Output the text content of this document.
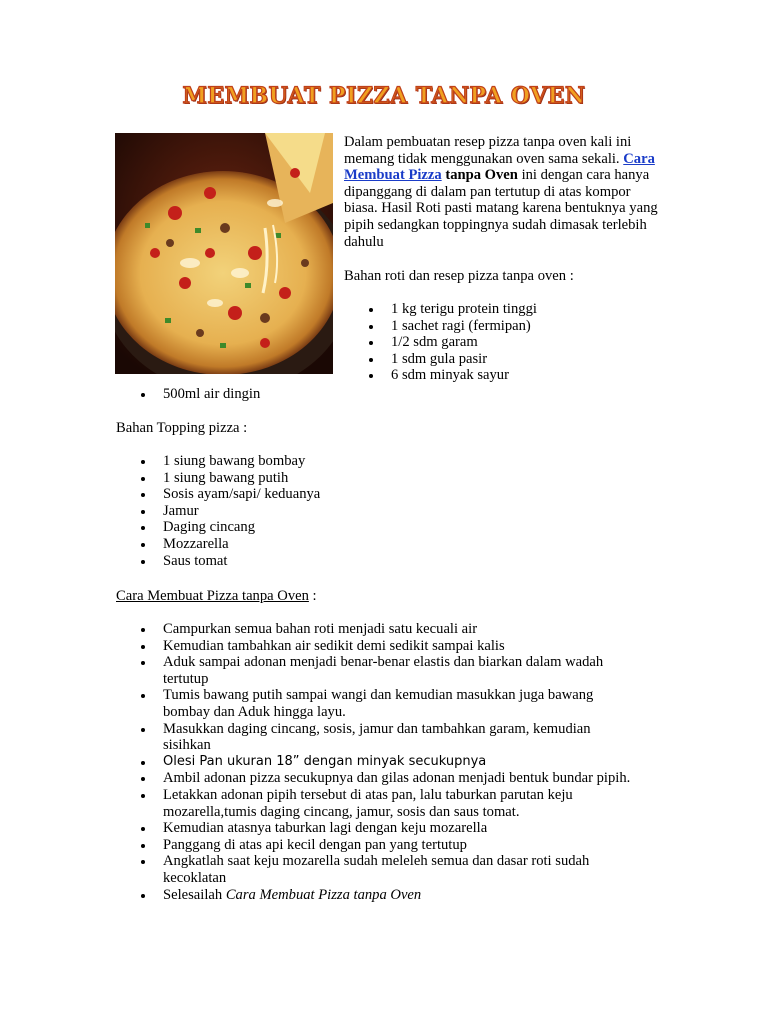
MEMBUAT PIZZA TANPA OVEN

Dalam pembuatan resep pizza tanpa oven kali ini memang tidak menggunakan oven sama sekali. Cara Membuat Pizza tanpa Oven ini dengan cara hanya dipanggang di dalam pan tertutup di atas kompor biasa. Hasil Roti pasti matang karena bentuknya yang pipih sedangkan toppingnya sudah dimasak terlebih dahulu

Bahan roti dan resep pizza tanpa oven :
1 kg terigu protein tinggi
1 sachet ragi (fermipan)
1/2 sdm garam
1 sdm gula pasir
6 sdm minyak sayur
500ml air dingin
Bahan Topping pizza :
1 siung bawang bombay
1 siung bawang putih
Sosis ayam/sapi/ keduanya
Jamur
Daging cincang
Mozzarella
Saus tomat
Cara Membuat Pizza tanpa Oven :
Campurkan semua bahan roti menjadi satu kecuali air
Kemudian tambahkan air sedikit demi sedikit sampai kalis
Aduk sampai adonan menjadi benar-benar elastis dan biarkan dalam wadah tertutup
Tumis bawang putih sampai wangi dan kemudian masukkan juga bawang bombay dan Aduk hingga layu.
Masukkan daging cincang, sosis, jamur dan tambahkan garam, kemudian sisihkan
Olesi Pan ukuran 18” dengan minyak secukupnya
Ambil adonan pizza secukupnya dan gilas adonan menjadi bentuk bundar pipih.
Letakkan adonan pipih tersebut di atas pan, lalu taburkan parutan keju mozarella,tumis daging cincang, jamur, sosis dan saus tomat.
Kemudian atasnya taburkan lagi dengan keju mozarella
Panggang di atas api kecil dengan pan yang tertutup
Angkatlah saat keju mozarella sudah meleleh semua dan dasar roti sudah kecoklatan
Selesailah Cara Membuat Pizza tanpa Oven
